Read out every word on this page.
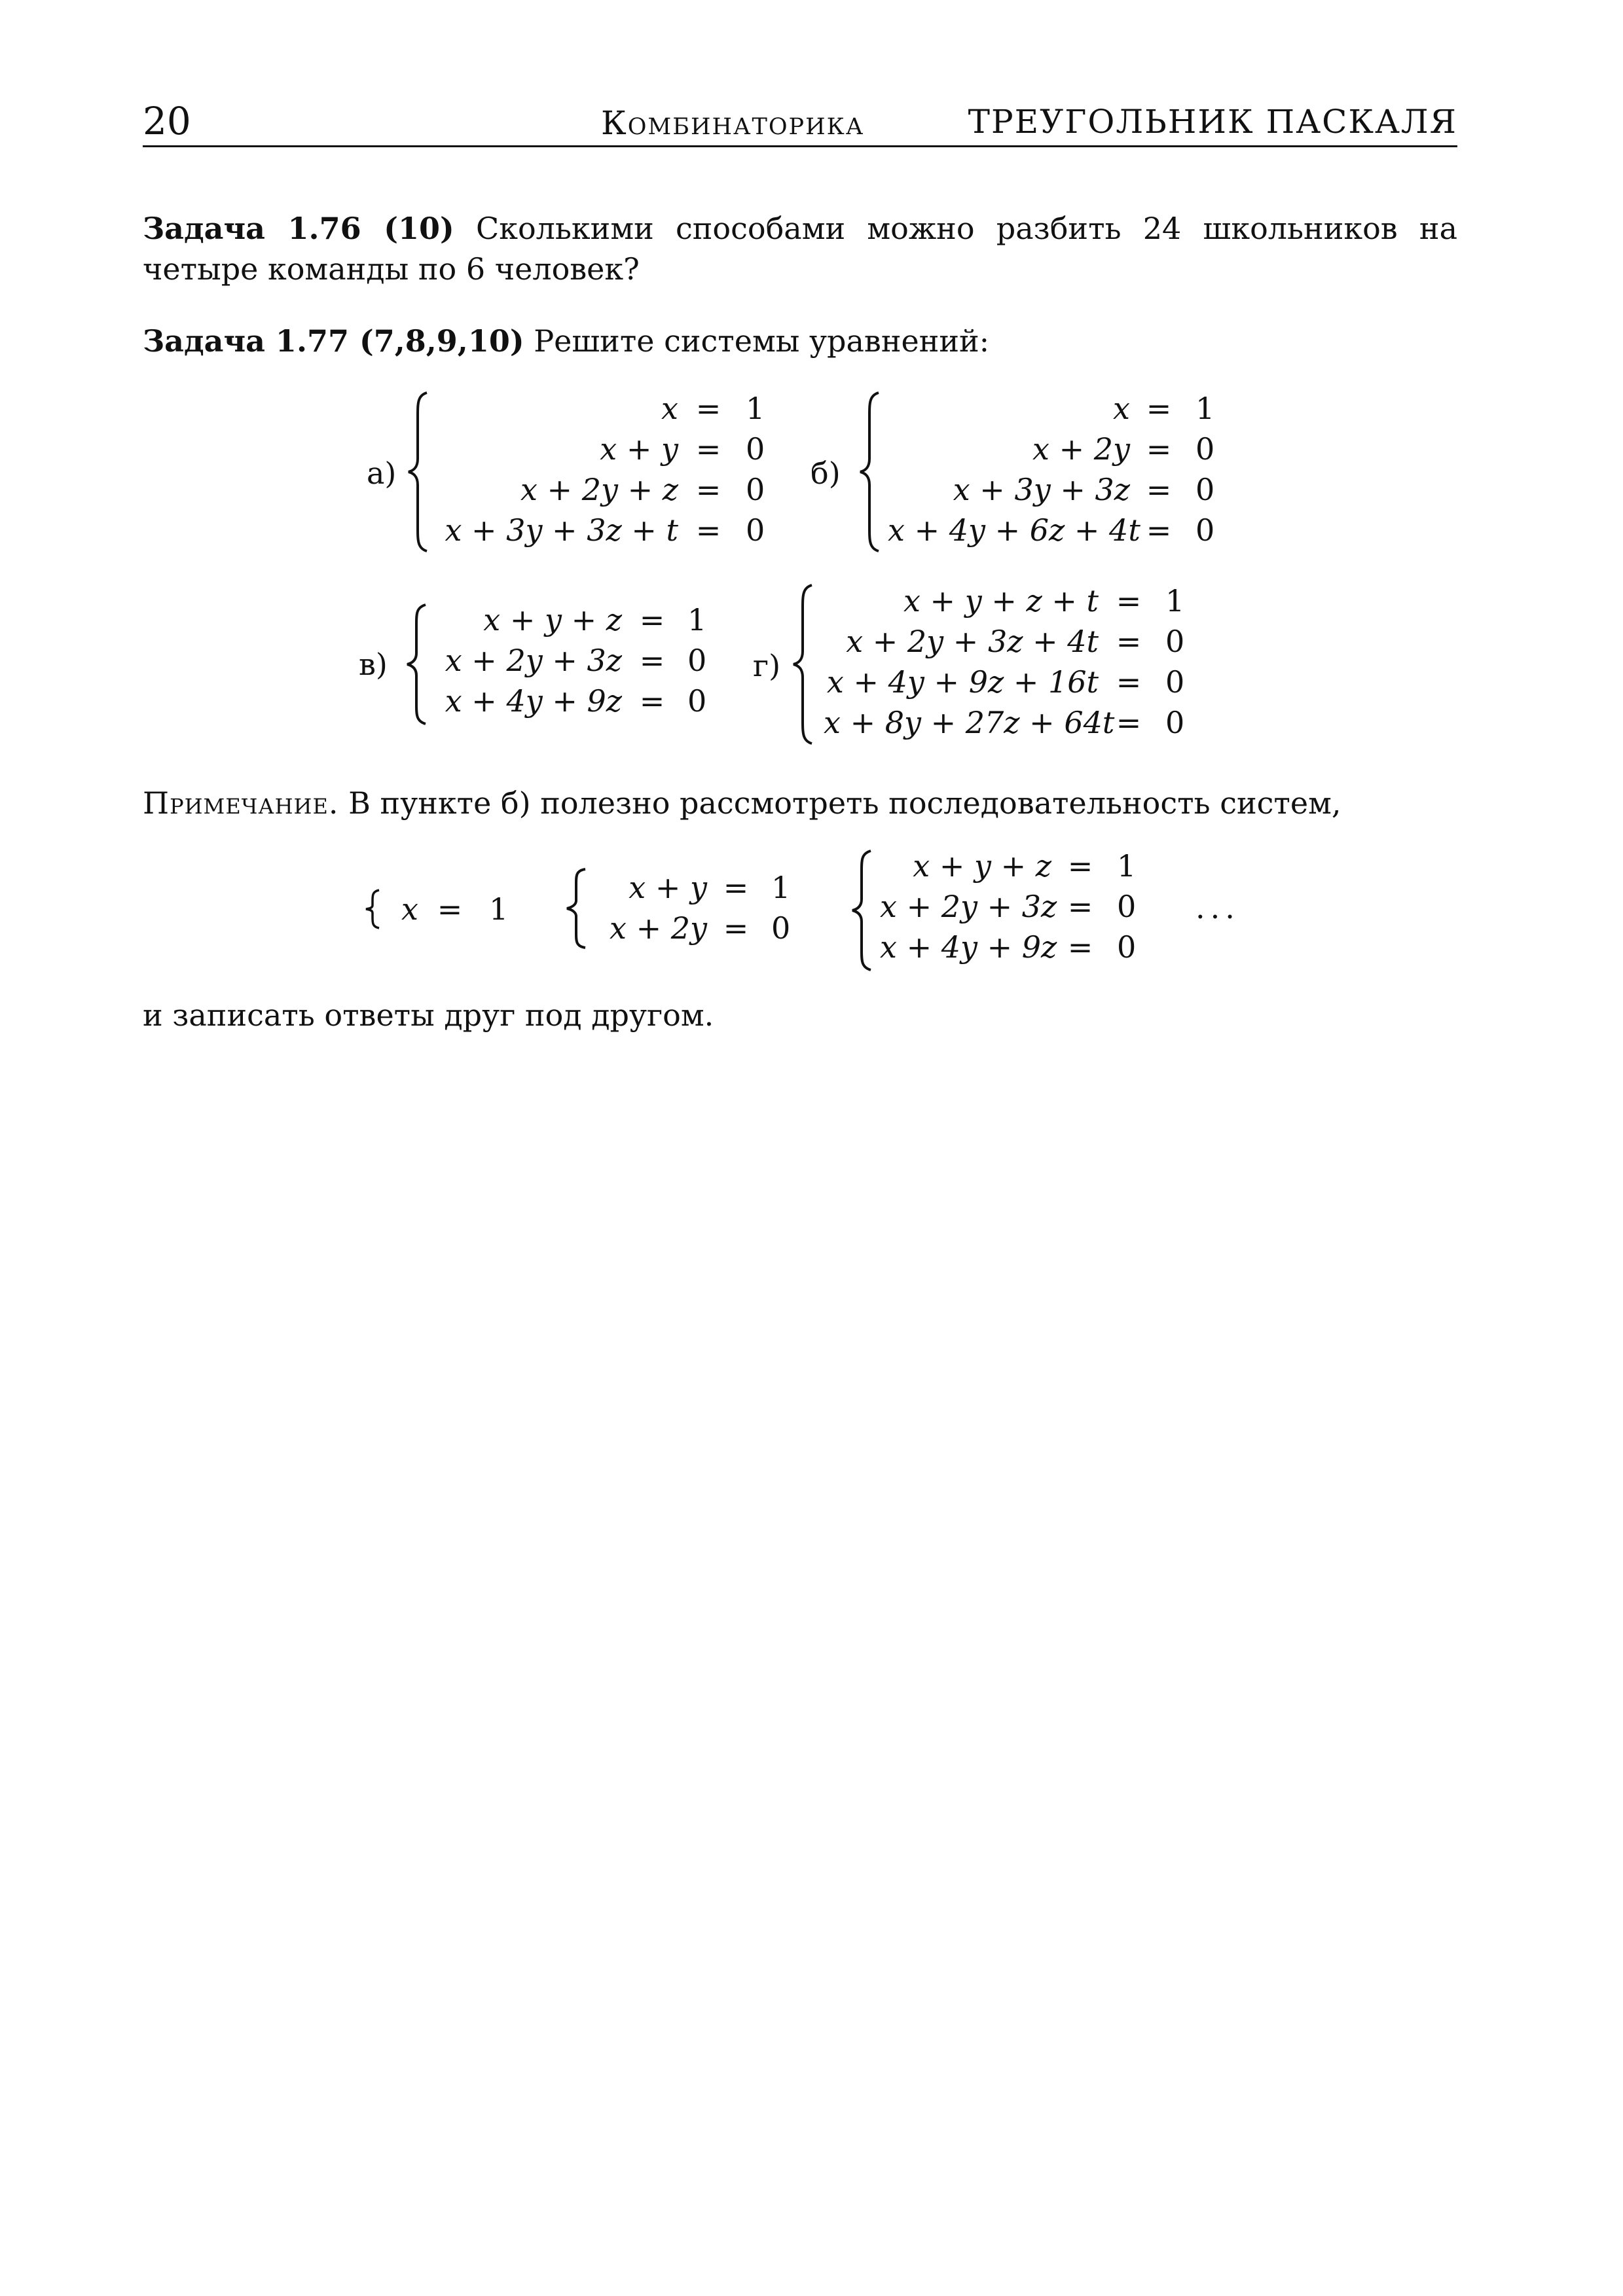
20	Комбинаторика	ТРЕУГОЛЬНИК ПАСКАЛЯ
Задача 1.76 (10) Сколькими способами можно разбить 24 школьников на четыре команды по 6 человек?
Задача 1.77 (7,8,9,10) Решите системы уравнений:
а)
x = 1
x + y = 0
x + 2y + z = 0
x + 3y + 3z + t = 0
б)
x = 1
x + 2y = 0
x + 3y + 3z = 0
x + 4y + 6z + 4t = 0
в)
x + y + z = 1
x + 2y + 3z = 0
x + 4y + 9z = 0
г)
x + y + z + t = 1
x + 2y + 3z + 4t = 0
x + 4y + 9z + 16t = 0
x + 8y + 27z + 64t = 0
Примечание. В пункте б) полезно рассмотреть последовательность систем,
x = 1
x + y = 1
x + 2y = 0
x + y + z = 1
x + 2y + 3z = 0
x + 4y + 9z = 0
...
и записать ответы друг под другом.
